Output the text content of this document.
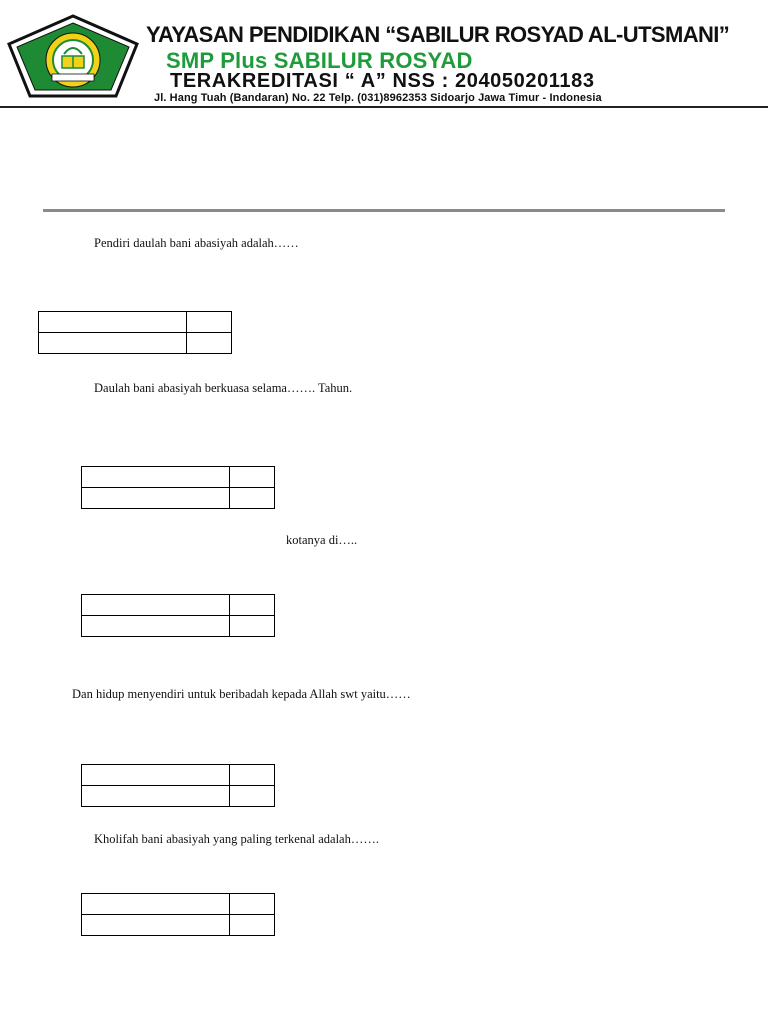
YAYASAN PENDIDIKAN “SABILUR ROSYAD AL-UTSMANI”
SMP Plus SABILUR ROSYAD
TERAKREDITASI “ A” NSS : 204050201183
Jl. Hang Tuah (Bandaran) No. 22 Telp. (031)8962353 Sidoarjo Jawa Timur - Indonesia
Pendiri daulah bani abasiyah adalah……

Daulah bani abasiyah berkuasa selama……. Tahun.

kotanya di…..

Dan hidup menyendiri untuk beribadah kepada Allah swt yaitu……

Kholifah bani abasiyah yang paling terkenal adalah…….
